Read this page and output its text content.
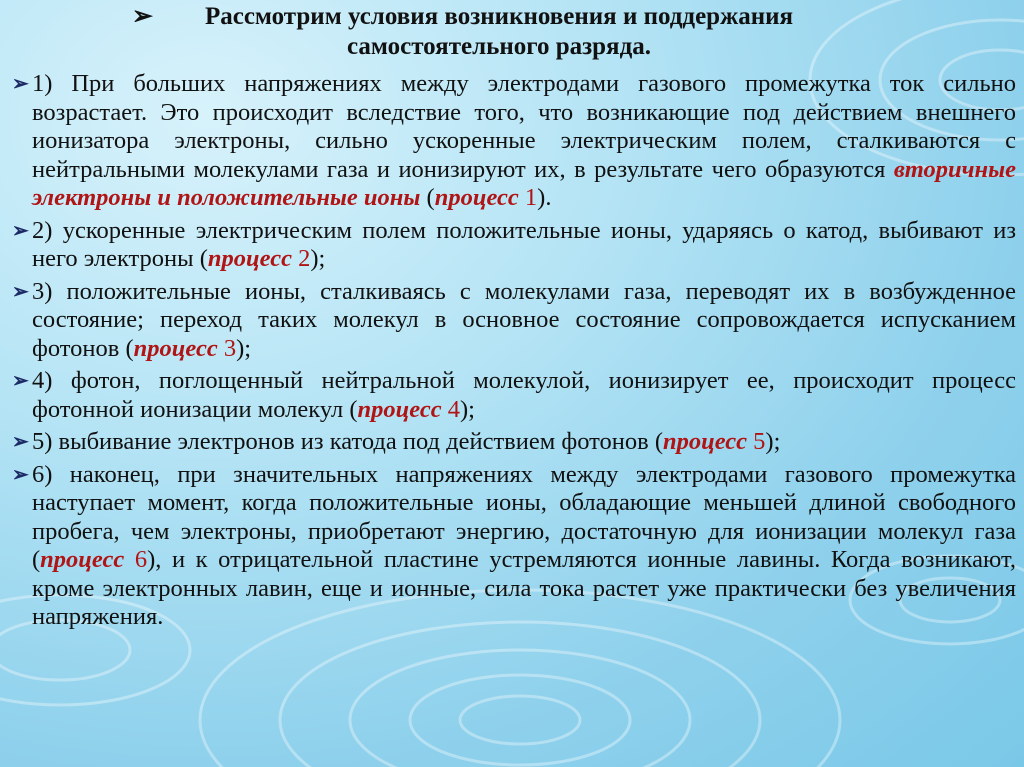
➢	Рассмотрим условия возникновения и поддержания
самостоятельного разряда.
➢ 1) При больших напряжениях между электродами газового промежутка ток сильно возрастает. Это происходит вследствие того, что возникающие под действием внешнего ионизатора электроны, сильно ускоренные электрическим полем, сталкиваются с нейтральными молекулами газа и ионизируют их, в результате чего образуются вторичные электроны и положительные ионы (процесс 1).
➢ 2) ускоренные электрическим полем положительные ионы, ударяясь о катод, выбивают из него электроны (процесс 2);
➢ 3) положительные ионы, сталкиваясь с молекулами газа, переводят их в возбужденное состояние; переход таких молекул в основное состояние сопровождается испусканием фотонов (процесс 3);
➢ 4) фотон, поглощенный нейтральной молекулой, ионизирует ее, происходит процесс фотонной ионизации молекул (процесс 4);
➢ 5) выбивание электронов из катода под действием фотонов (процесс 5);
➢ 6) наконец, при значительных напряжениях между электродами газового промежутка наступает момент, когда положительные ионы, обладающие меньшей длиной свободного пробега, чем электроны, приобретают энергию, достаточную для ионизации молекул газа (процесс 6), и к отрицательной пластине устремляются ионные лавины. Когда возникают, кроме электронных лавин, еще и ионные, сила тока растет уже практически без увеличения напряжения.
